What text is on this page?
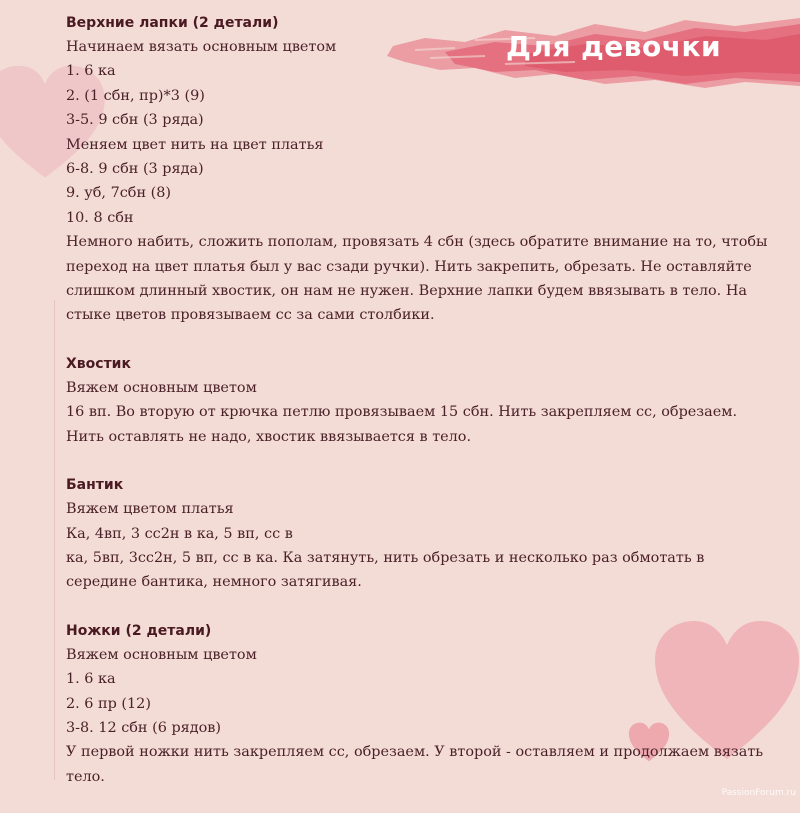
Для девочки
Верхние лапки (2 детали)
Начинаем вязать основным цветом
1. 6 ка
2. (1 сбн, пр)*3 (9)
3-5. 9 сбн (3 ряда)
Меняем цвет нить на цвет платья
6-8. 9 сбн (3 ряда)
9. уб, 7сбн (8)
10. 8 сбн
Немного набить, сложить пополам, провязать 4 сбн (здесь обратите внимание на то, чтобы переход на цвет платья был у вас сзади ручки). Нить закрепить, обрезать. Не оставляйте слишком длинный хвостик, он нам не нужен. Верхние лапки будем ввязывать в тело. На стыке цветов провязываем сс за сами столбики.
Хвостик
Вяжем основным цветом
16 вп. Во вторую от крючка петлю провязываем 15 сбн. Нить закрепляем сс, обрезаем. Нить оставлять не надо, хвостик ввязывается в тело.
Бантик
Вяжем цветом платья
Ка, 4вп, 3 сс2н в ка, 5 вп, сс в
ка, 5вп, 3сс2н, 5 вп, сс в ка. Ка затянуть, нить обрезать и несколько раз обмотать в середине бантика, немного затягивая.
Ножки (2 детали)
Вяжем основным цветом
1. 6 ка
2. 6 пр (12)
3-8. 12 сбн (6 рядов)
У первой ножки нить закрепляем сс, обрезаем. У второй - оставляем и продолжаем вязать тело.
PassionForum.ru
